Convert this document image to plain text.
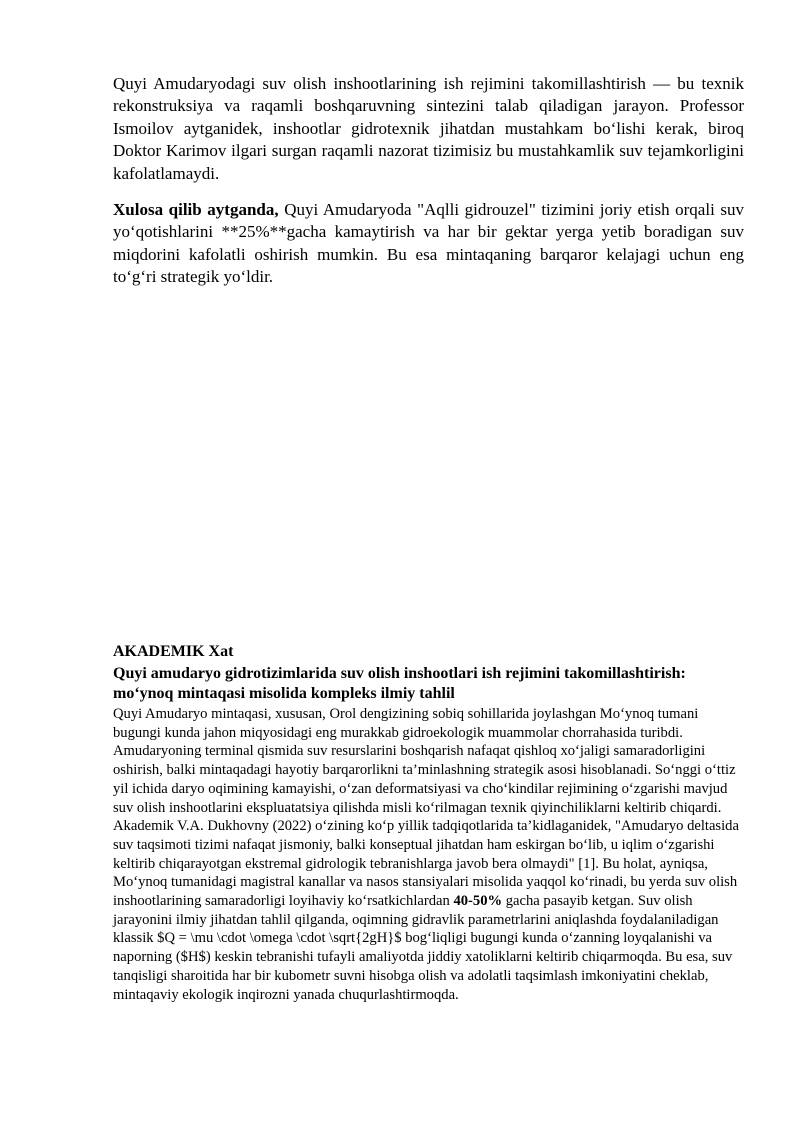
Quyi Amudaryodagi suv olish inshootlarining ish rejimini takomillashtirish — bu texnik rekonstruksiya va raqamli boshqaruvning sintezini talab qiladigan jarayon. Professor Ismoilov aytganidek, inshootlar gidrotexnik jihatdan mustahkam bo‘lishi kerak, biroq Doktor Karimov ilgari surgan raqamli nazorat tizimisiz bu mustahkamlik suv tejamkorligini kafolatlamaydi.

Xulosa qilib aytganda, Quyi Amudaryoda "Aqlli gidrouzel" tizimini joriy etish orqali suv yo‘qotishlarini **25%**gacha kamaytirish va har bir gektar yerga yetib boradigan suv miqdorini kafolatli oshirish mumkin. Bu esa mintaqaning barqaror kelajagi uchun eng to‘g‘ri strategik yo‘ldir.

AKADEMIK Xat
Quyi amudaryo gidrotizimlarida suv olish inshootlari ish rejimini takomillashtirish: mo‘ynoq mintaqasi misolida kompleks ilmiy tahlil

Quyi Amudaryo mintaqasi, xususan, Orol dengizining sobiq sohillarida joylashgan Mo‘ynoq tumani bugungi kunda jahon miqyosidagi eng murakkab gidroekologik muammolar chorrahasida turibdi. Amudaryoning terminal qismida suv resurslarini boshqarish nafaqat qishloq xo‘jaligi samaradorligini oshirish, balki mintaqadagi hayotiy barqarorlikni ta’minlashning strategik asosi hisoblanadi. So‘nggi o‘ttiz yil ichida daryo oqimining kamayishi, o‘zan deformatsiyasi va cho‘kindilar rejimining o‘zgarishi mavjud suv olish inshootlarini ekspluatatsiya qilishda misli ko‘rilmagan texnik qiyinchiliklarni keltirib chiqardi. Akademik V.A. Dukhovny (2022) o‘zining ko‘p yillik tadqiqotlarida ta’kidlaganidek, "Amudaryo deltasida suv taqsimoti tizimi nafaqat jismoniy, balki konseptual jihatdan ham eskirgan bo‘lib, u iqlim o‘zgarishi keltirib chiqarayotgan ekstremal gidrologik tebranishlarga javob bera olmaydi" [1]. Bu holat, ayniqsa, Mo‘ynoq tumanidagi magistral kanallar va nasos stansiyalari misolida yaqqol ko‘rinadi, bu yerda suv olish inshootlarining samaradorligi loyihaviy ko‘rsatkichlardan 40-50% gacha pasayib ketgan. Suv olish jarayonini ilmiy jihatdan tahlil qilganda, oqimning gidravlik parametrlarini aniqlashda foydalaniladigan klassik $Q = \mu \cdot \omega \cdot \sqrt{2gH}$ bog‘liqligi bugungi kunda o‘zanning loyqalanishi va naporning ($H$) keskin tebranishi tufayli amaliyotda jiddiy xatoliklarni keltirib chiqarmoqda. Bu esa, suv tanqisligi sharoitida har bir kubometr suvni hisobga olish va adolatli taqsimlash imkoniyatini cheklab, mintaqaviy ekologik inqirozni yanada chuqurlashtirmoqda.
